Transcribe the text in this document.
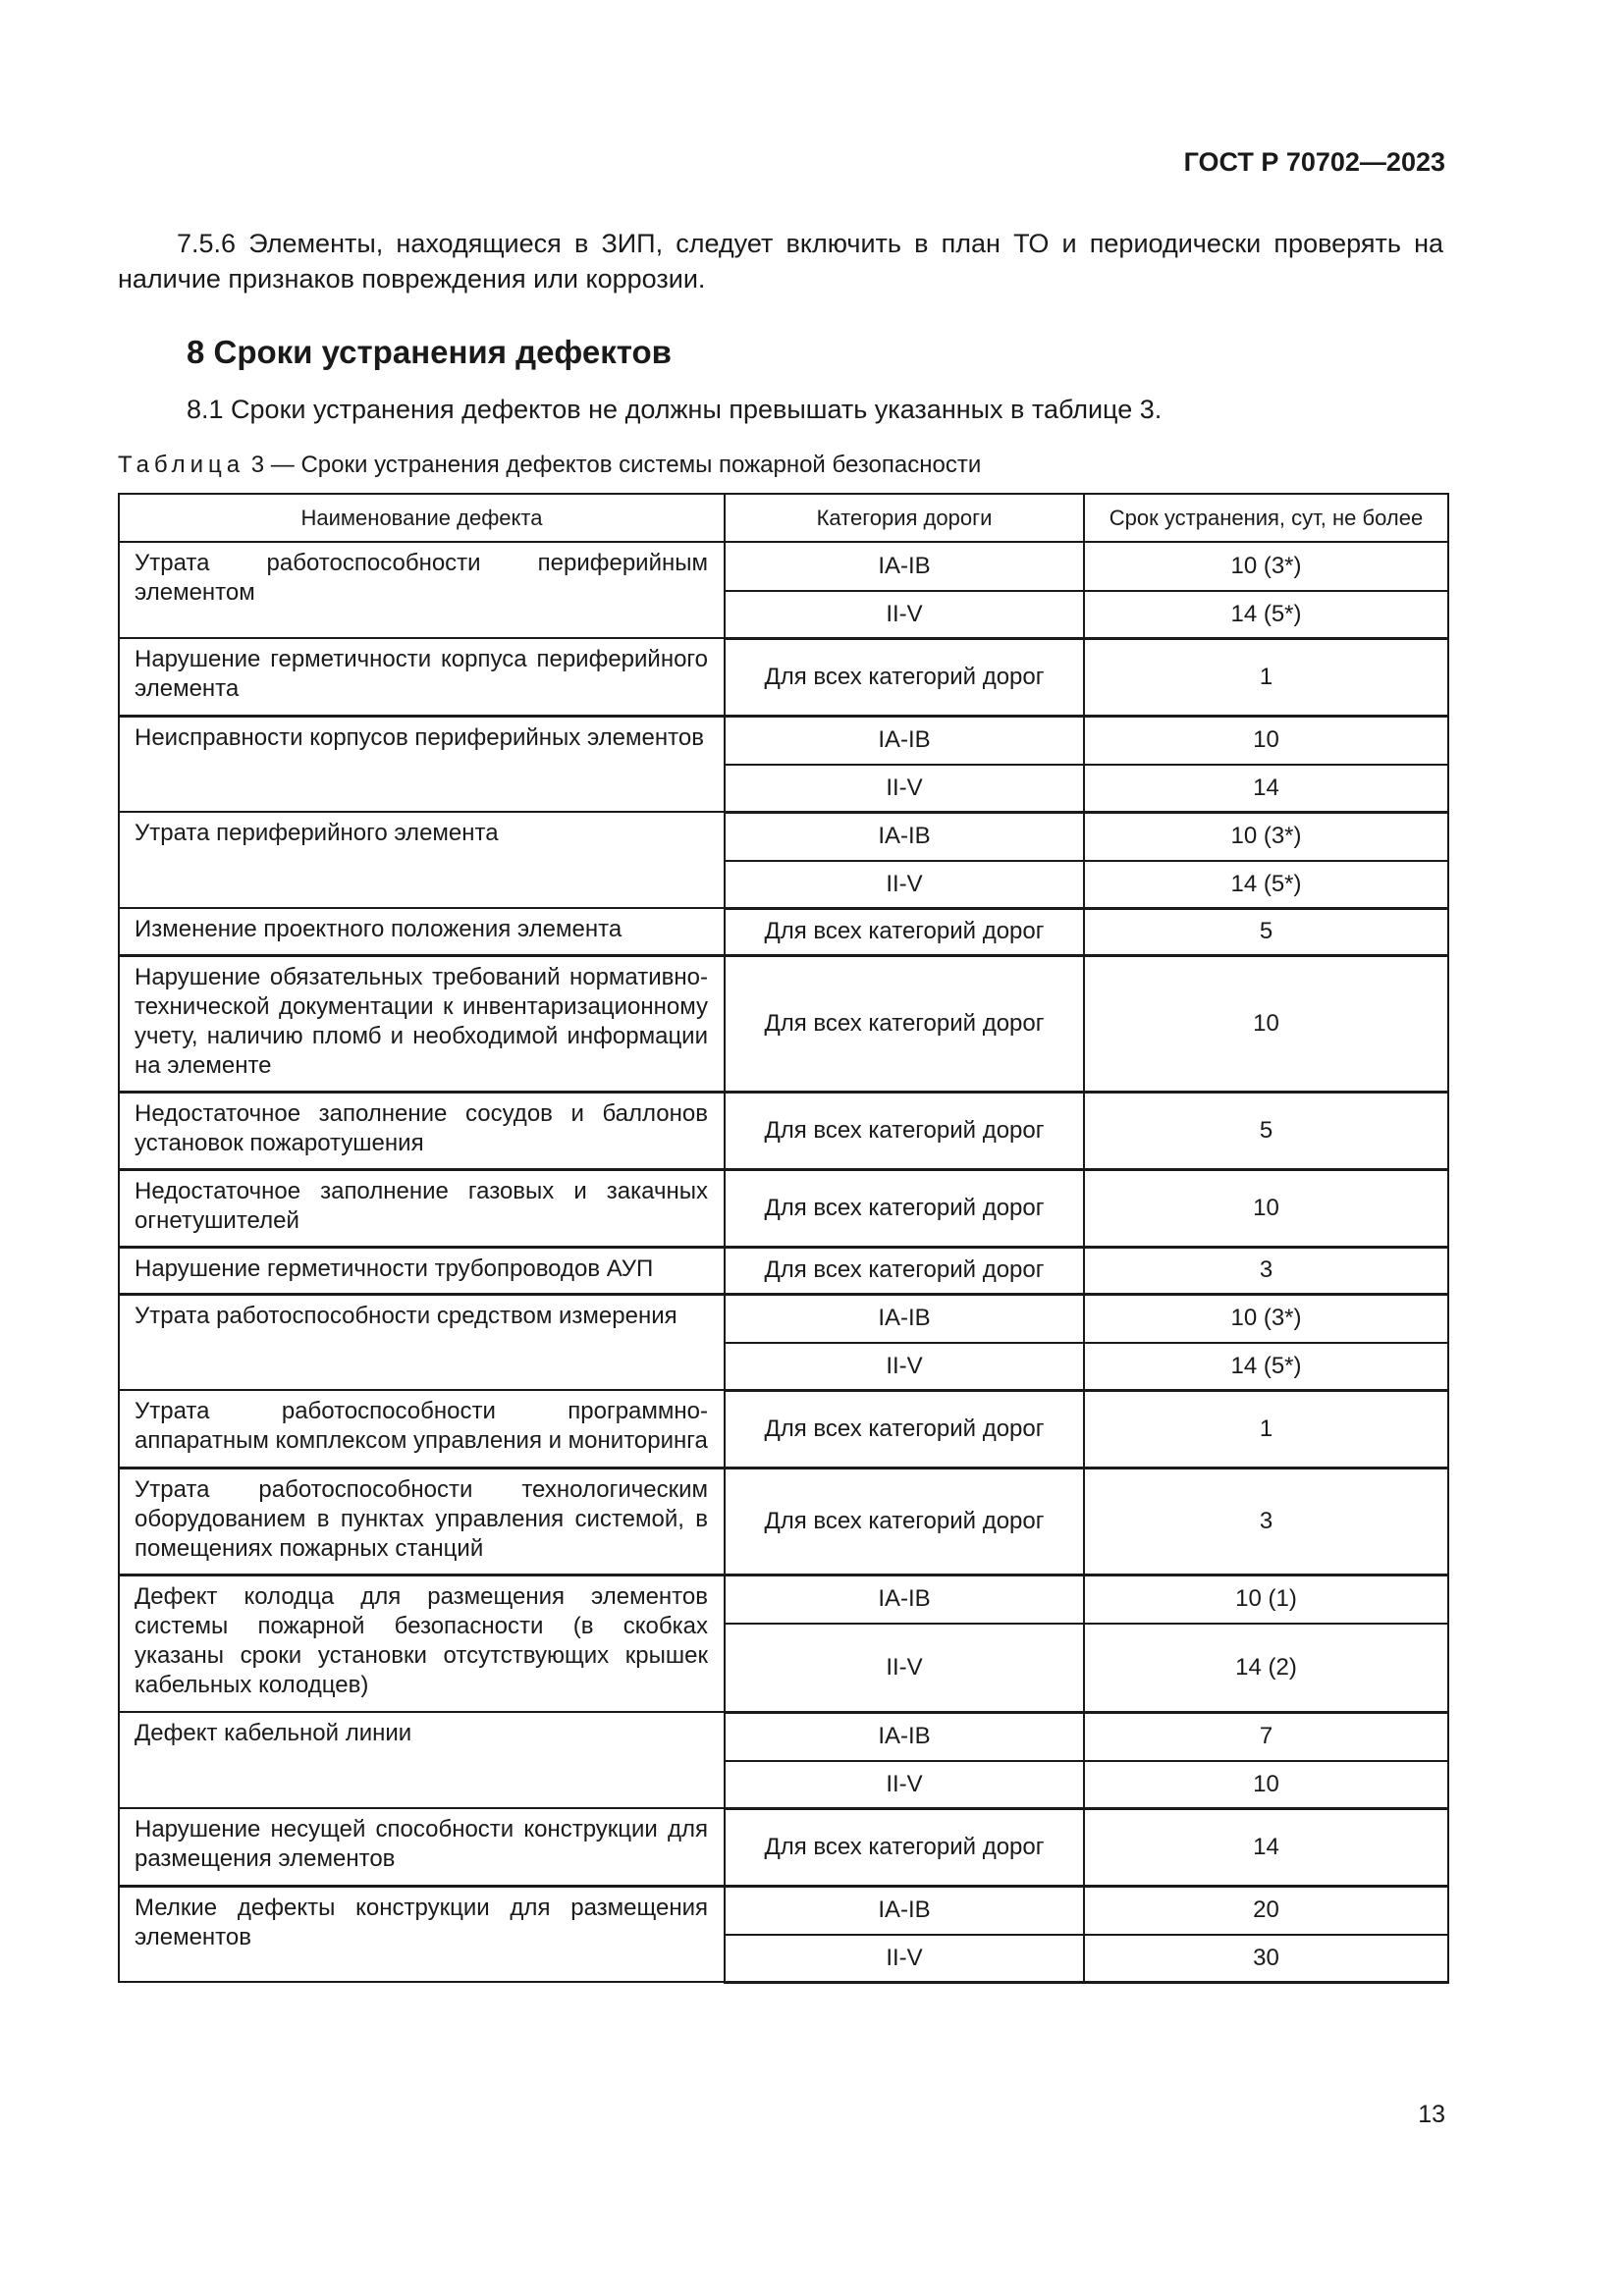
ГОСТ Р 70702—2023
7.5.6 Элементы, находящиеся в ЗИП, следует включить в план ТО и периодически проверять на наличие признаков повреждения или коррозии.
8 Сроки устранения дефектов
8.1 Сроки устранения дефектов не должны превышать указанных в таблице 3.
Таблица 3 — Сроки устранения дефектов системы пожарной безопасности
Наименование дефекта	Категория дороги	Срок устранения, сут, не более
Утрата работоспособности периферийным элементом	IA-IB	10 (3*)
	II-V	14 (5*)
Нарушение герметичности корпуса периферийного элемента	Для всех категорий дорог	1
Неисправности корпусов периферийных элементов	IA-IB	10
	II-V	14
Утрата периферийного элемента	IA-IB	10 (3*)
	II-V	14 (5*)
Изменение проектного положения элемента	Для всех категорий дорог	5
Нарушение обязательных требований нормативно-технической документации к инвентаризационному учету, наличию пломб и необходимой информации на элементе	Для всех категорий дорог	10
Недостаточное заполнение сосудов и баллонов установок пожаротушения	Для всех категорий дорог	5
Недостаточное заполнение газовых и закачных огнетушителей	Для всех категорий дорог	10
Нарушение герметичности трубопроводов АУП	Для всех категорий дорог	3
Утрата работоспособности средством измерения	IA-IB	10 (3*)
	II-V	14 (5*)
Утрата работоспособности программно-аппаратным комплексом управления и мониторинга	Для всех категорий дорог	1
Утрата работоспособности технологическим оборудованием в пунктах управления системой, в помещениях пожарных станций	Для всех категорий дорог	3
Дефект колодца для размещения элементов системы пожарной безопасности (в скобках указаны сроки установки отсутствующих крышек кабельных колодцев)	IA-IB	10 (1)
	II-V	14 (2)
Дефект кабельной линии	IA-IB	7
	II-V	10
Нарушение несущей способности конструкции для размещения элементов	Для всех категорий дорог	14
Мелкие дефекты конструкции для размещения элементов	IA-IB	20
	II-V	30
13
